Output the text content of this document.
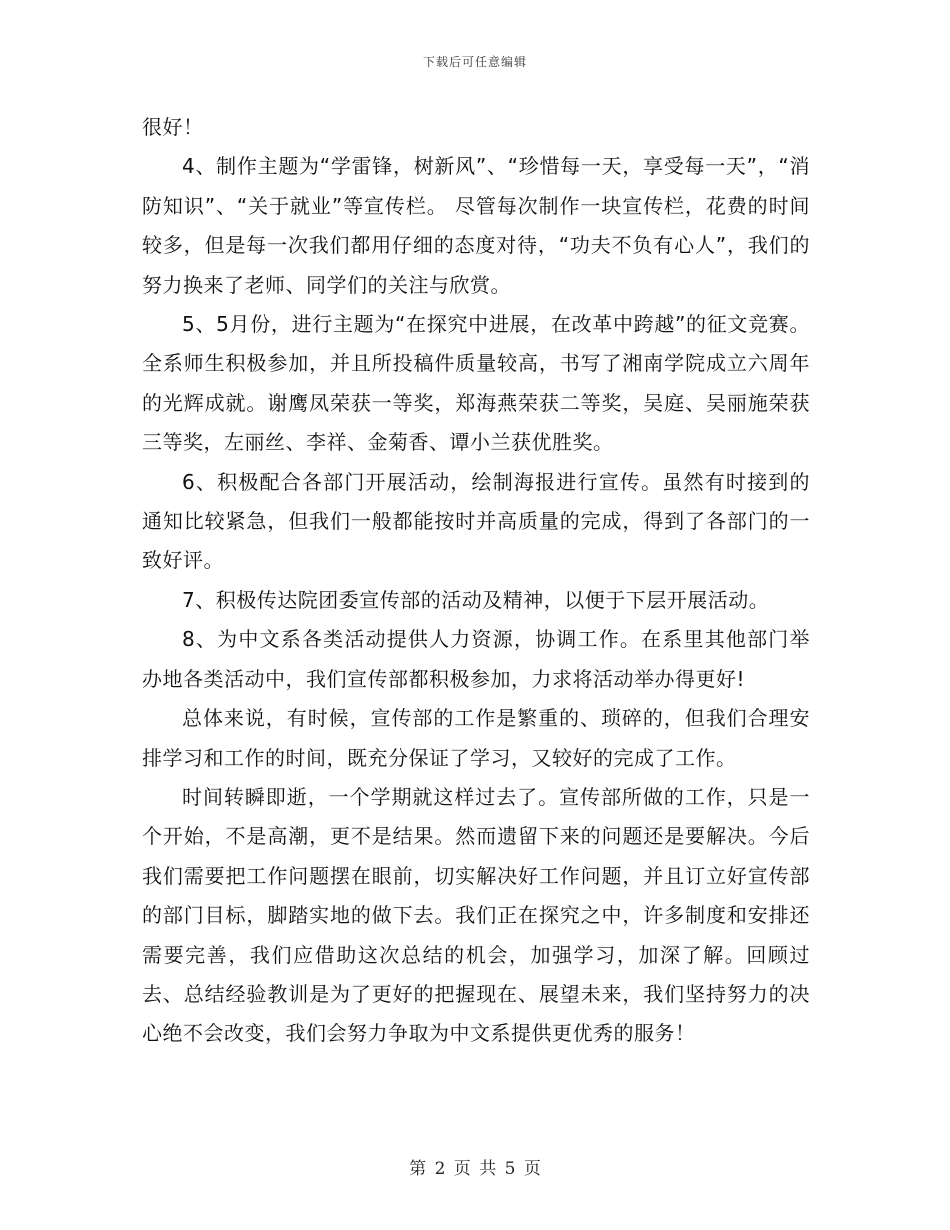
下载后可任意编辑

很好！

4、制作主题为“学雷锋，树新风”、“珍惜每一天，享受每一天”，“消防知识”、“关于就业”等宣传栏。 尽管每次制作一块宣传栏，花费的时间较多，但是每一次我们都用仔细的态度对待，“功夫不负有心人”，我们的努力换来了老师、同学们的关注与欣赏。

5、5月份，进行主题为“在探究中进展，在改革中跨越”的征文竞赛。全系师生积极参加，并且所投稿件质量较高，书写了湘南学院成立六周年的光辉成就。谢鹰凤荣获一等奖，郑海燕荣获二等奖，吴庭、吴丽施荣获三等奖，左丽丝、李祥、金菊香、谭小兰获优胜奖。

6、积极配合各部门开展活动，绘制海报进行宣传。虽然有时接到的通知比较紧急，但我们一般都能按时并高质量的完成，得到了各部门的一致好评。

7、积极传达院团委宣传部的活动及精神，以便于下层开展活动。

8、为中文系各类活动提供人力资源，协调工作。在系里其他部门举办地各类活动中，我们宣传部都积极参加，力求将活动举办得更好!

总体来说，有时候，宣传部的工作是繁重的、琐碎的，但我们合理安排学习和工作的时间，既充分保证了学习，又较好的完成了工作。

时间转瞬即逝，一个学期就这样过去了。宣传部所做的工作，只是一个开始，不是高潮，更不是结果。然而遗留下来的问题还是要解决。今后我们需要把工作问题摆在眼前，切实解决好工作问题，并且订立好宣传部的部门目标，脚踏实地的做下去。我们正在探究之中，许多制度和安排还需要完善，我们应借助这次总结的机会，加强学习，加深了解。回顾过去、总结经验教训是为了更好的把握现在、展望未来，我们坚持努力的决心绝不会改变，我们会努力争取为中文系提供更优秀的服务！

第 2 页 共 5 页
